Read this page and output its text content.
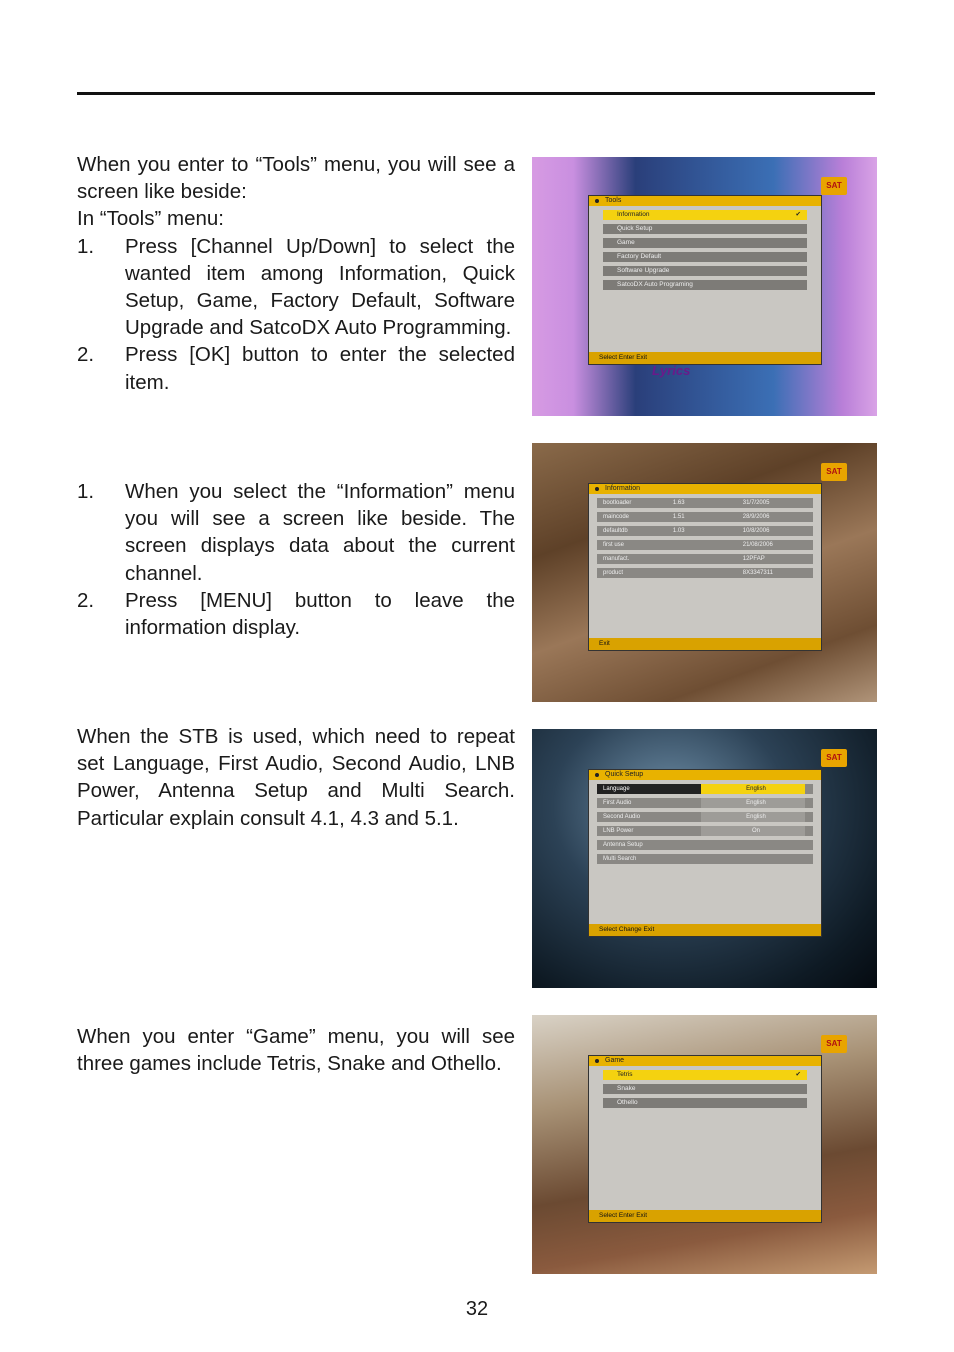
When you enter to “Tools” menu, you will see a screen like beside:

In “Tools” menu:

1. Press [Channel Up/Down] to select the wanted item among Information, Quick Setup, Game, Factory Default, Software Upgrade and SatcoDX Auto Programming.
2. Press [OK] button to enter the selected item.
1. When you select the “Information” menu you will see a screen like beside. The screen displays data about the current channel.
2. Press [MENU] button to leave the information display.

When the STB is used, which need to repeat set Language, First Audio, Second Audio, LNB Power, Antenna Setup and Multi Search. Particular explain consult 4.1, 4.3 and 5.1.

When you enter “Game” menu, you will see three games include Tetris, Snake and Othello.

SAT
Tools
Information	✔
Quick Setup
Game
Factory Default
Software Upgrade
SatcoDX Auto Programing
Select Enter Exit
Lyrics
SAT
Information
bootloader	1.63	31/7/2005
maincode	1.51	28/9/2006
defaultdb	1.03	10/8/2006
first use	21/08/2006
manufact.	12PFAP
product	8X3347311
Exit
SAT
Quick Setup
Language	English
First Audio	English
Second Audio	English
LNB Power	On
Antenna Setup
Multi Search
Select Change Exit
SAT
Game
Tetris	✔
Snake
Othello
Select Enter Exit
32
